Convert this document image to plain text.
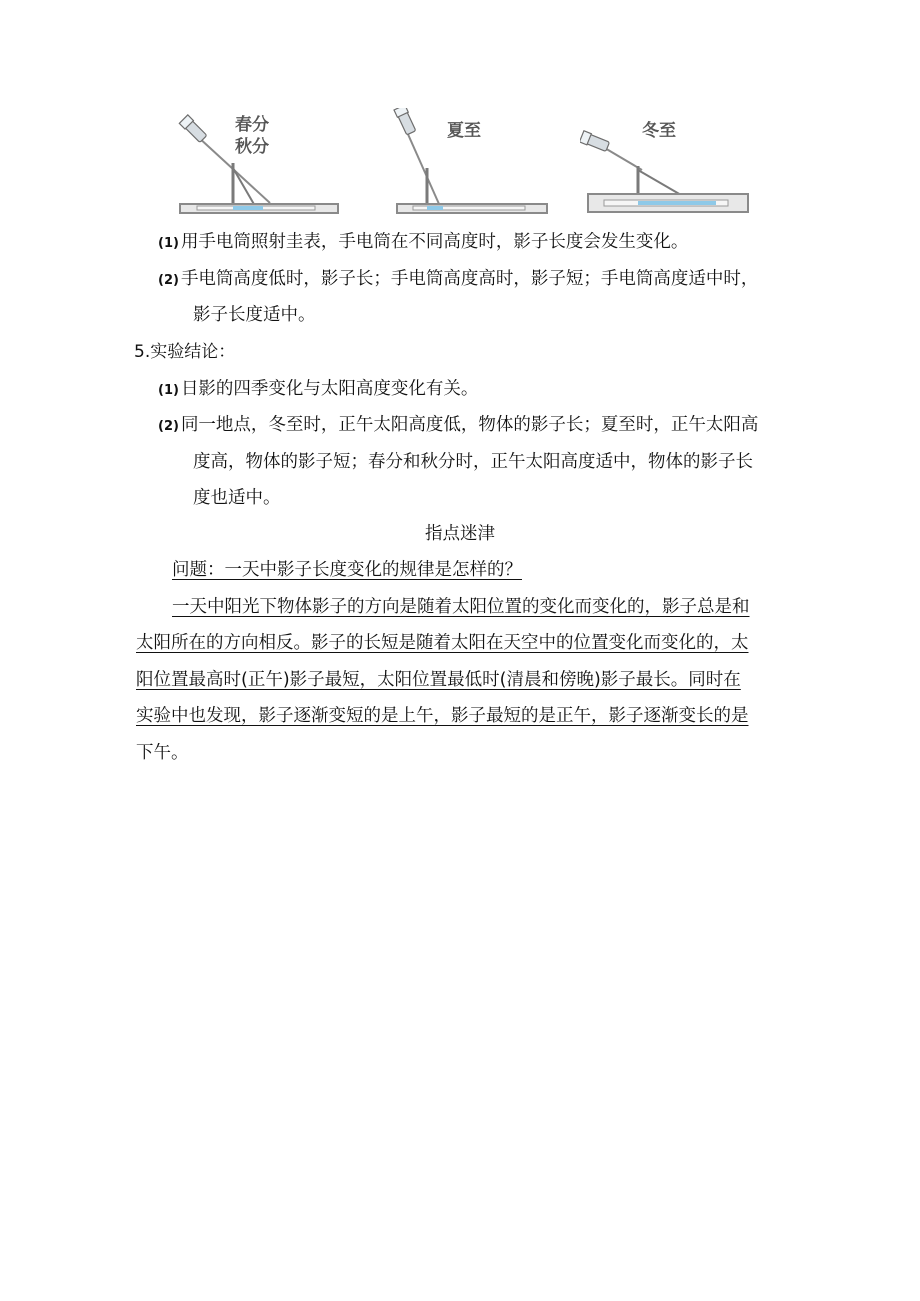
春分
秋分
夏至	冬至
(1) 用手电筒照射圭表，手电筒在不同高度时，影子长度会发生变化。
(2) 手电筒高度低时，影子长；手电筒高度高时，影子短；手电筒高度适中时，
影子长度适中。
5.实验结论：
(1) 日影的四季变化与太阳高度变化有关。
(2) 同一地点，冬至时，正午太阳高度低，物体的影子长；夏至时，正午太阳高
度高，物体的影子短；春分和秋分时，正午太阳高度适中，物体的影子长
度也适中。
指点迷津
问题：一天中影子长度变化的规律是怎样的？
一天中阳光下物体影子的方向是随着太阳位置的变化而变化的，影子总是和
太阳所在的方向相反。影子的长短是随着太阳在天空中的位置变化而变化的，太
阳位置最高时(正午)影子最短，太阳位置最低时(清晨和傍晚)影子最长。同时在
实验中也发现，影子逐渐变短的是上午，影子最短的是正午，影子逐渐变长的是
下午。
